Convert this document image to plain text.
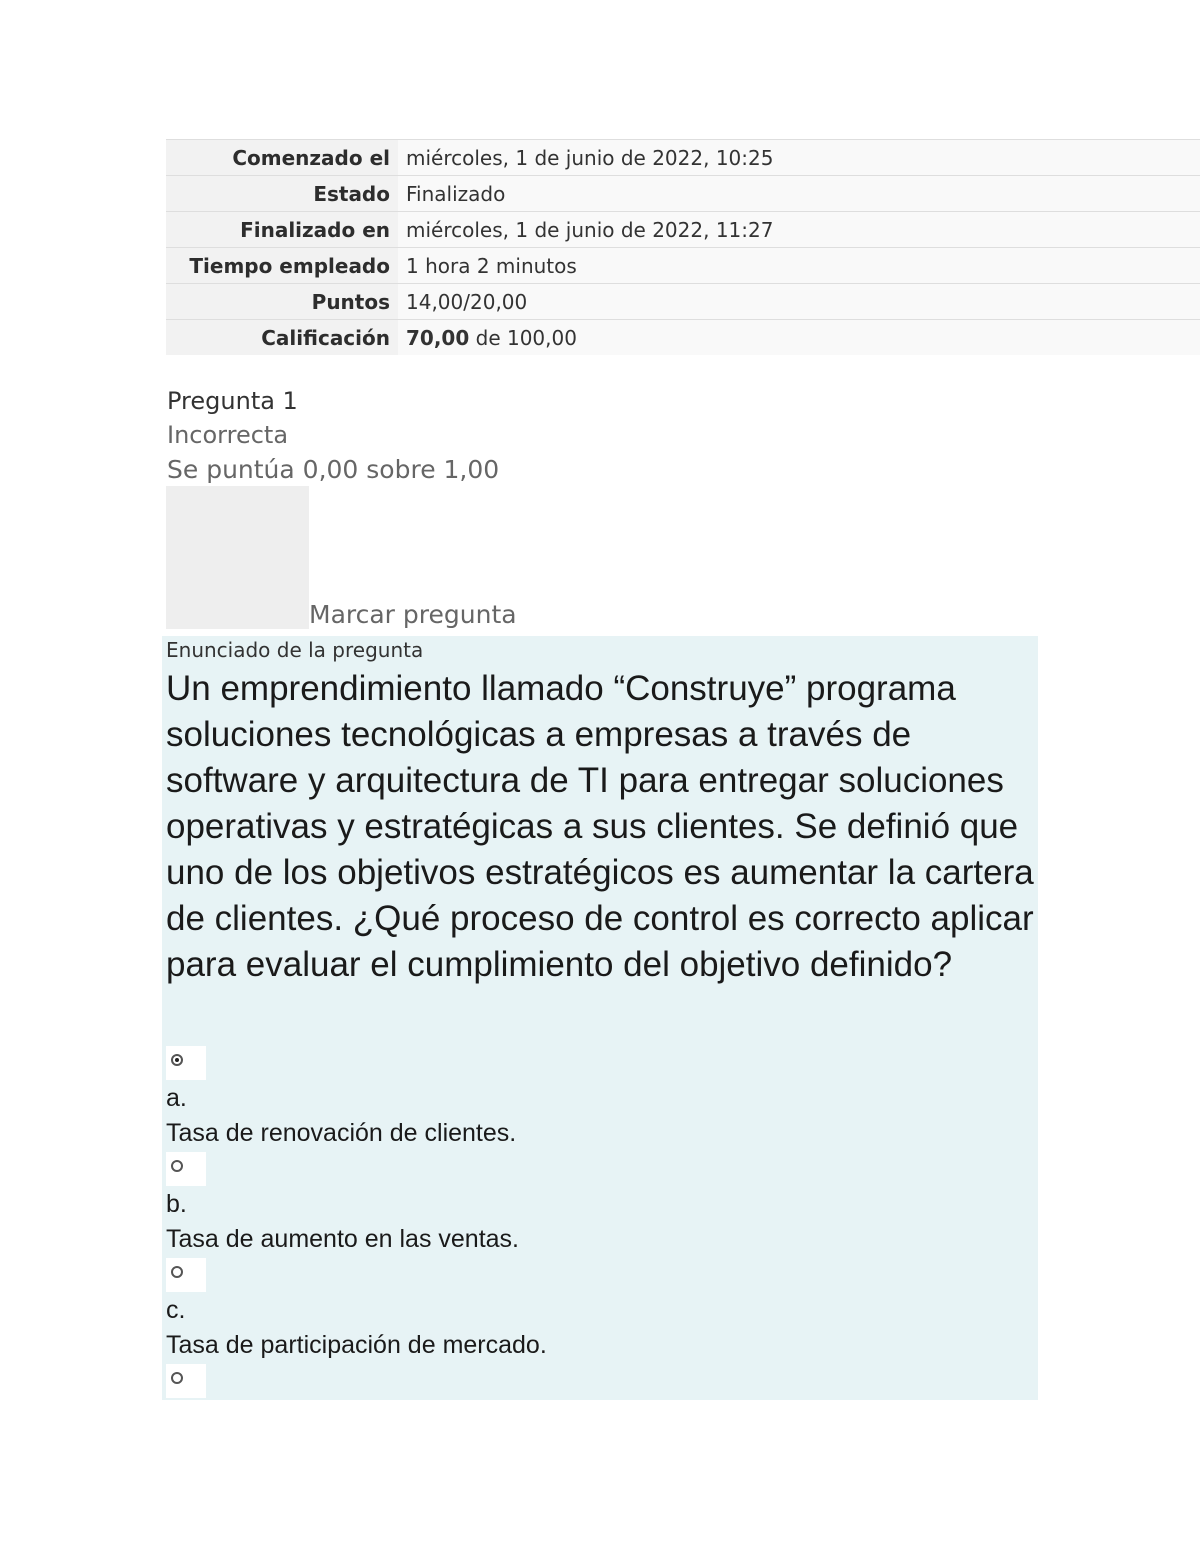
Comenzado el	miércoles, 1 de junio de 2022, 10:25
Estado	Finalizado
Finalizado en	miércoles, 1 de junio de 2022, 11:27
Tiempo empleado	1 hora 2 minutos
Puntos	14,00/20,00
Calificación	70,00 de 100,00
Pregunta 1
Incorrecta
Se puntúa 0,00 sobre 1,00
Marcar pregunta
Enunciado de la pregunta
Un emprendimiento llamado “Construye” programa soluciones tecnológicas a empresas a través de software y arquitectura de TI para entregar soluciones operativas y estratégicas a sus clientes. Se definió que uno de los objetivos estratégicos es aumentar la cartera de clientes. ¿Qué proceso de control es correcto aplicar para evaluar el cumplimiento del objetivo definido?
a.
Tasa de renovación de clientes.
b.
Tasa de aumento en las ventas.
c.
Tasa de participación de mercado.
